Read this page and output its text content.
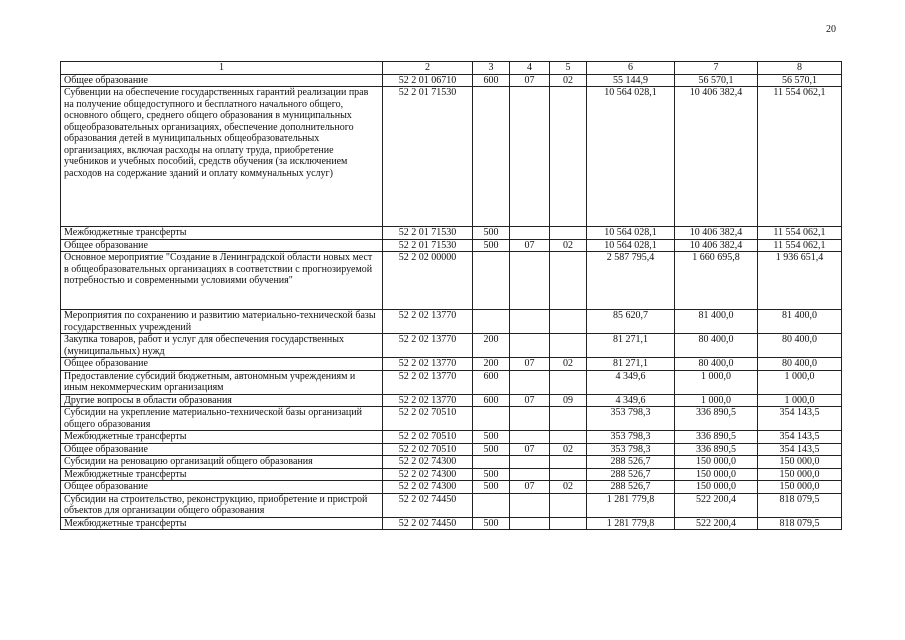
20
1	2	3	4	5	6	7	8
Общее образование	52 2 01 06710	600	07	02	55 144,9	56 570,1	56 570,1
Субвенции на обеспечение государственных гарантий реализации прав на получение общедоступного и бесплатного начального общего, основного общего, среднего общего образования в муниципальных общеобразовательных организациях, обеспечение дополнительного образования детей в муниципальных общеобразовательных организациях, включая расходы на оплату труда, приобретение учебников и учебных пособий, средств обучения (за исключением расходов на содержание зданий и оплату коммунальных услуг)	52 2 01 71530				10 564 028,1	10 406 382,4	11 554 062,1
Межбюджетные трансферты	52 2 01 71530	500			10 564 028,1	10 406 382,4	11 554 062,1
Общее образование	52 2 01 71530	500	07	02	10 564 028,1	10 406 382,4	11 554 062,1
Основное мероприятие "Создание в Ленинградской области новых мест в общеобразовательных организациях в соответствии с прогнозируемой потребностью и современными условиями обучения"	52 2 02 00000				2 587 795,4	1 660 695,8	1 936 651,4
Мероприятия по сохранению и развитию материально-технической базы государственных учреждений	52 2 02 13770				85 620,7	81 400,0	81 400,0
Закупка товаров, работ и услуг для обеспечения государственных (муниципальных) нужд	52 2 02 13770	200			81 271,1	80 400,0	80 400,0
Общее образование	52 2 02 13770	200	07	02	81 271,1	80 400,0	80 400,0
Предоставление субсидий бюджетным, автономным учреждениям и иным некоммерческим организациям	52 2 02 13770	600			4 349,6	1 000,0	1 000,0
Другие вопросы в области образования	52 2 02 13770	600	07	09	4 349,6	1 000,0	1 000,0
Субсидии на укрепление материально-технической базы организаций общего образования	52 2 02 70510				353 798,3	336 890,5	354 143,5
Межбюджетные трансферты	52 2 02 70510	500			353 798,3	336 890,5	354 143,5
Общее образование	52 2 02 70510	500	07	02	353 798,3	336 890,5	354 143,5
Субсидии на реновацию организаций общего образования	52 2 02 74300				288 526,7	150 000,0	150 000,0
Межбюджетные трансферты	52 2 02 74300	500			288 526,7	150 000,0	150 000,0
Общее образование	52 2 02 74300	500	07	02	288 526,7	150 000,0	150 000,0
Субсидии на строительство, реконструкцию, приобретение и пристрой объектов для организации общего образования	52 2 02 74450				1 281 779,8	522 200,4	818 079,5
Межбюджетные трансферты	52 2 02 74450	500			1 281 779,8	522 200,4	818 079,5
